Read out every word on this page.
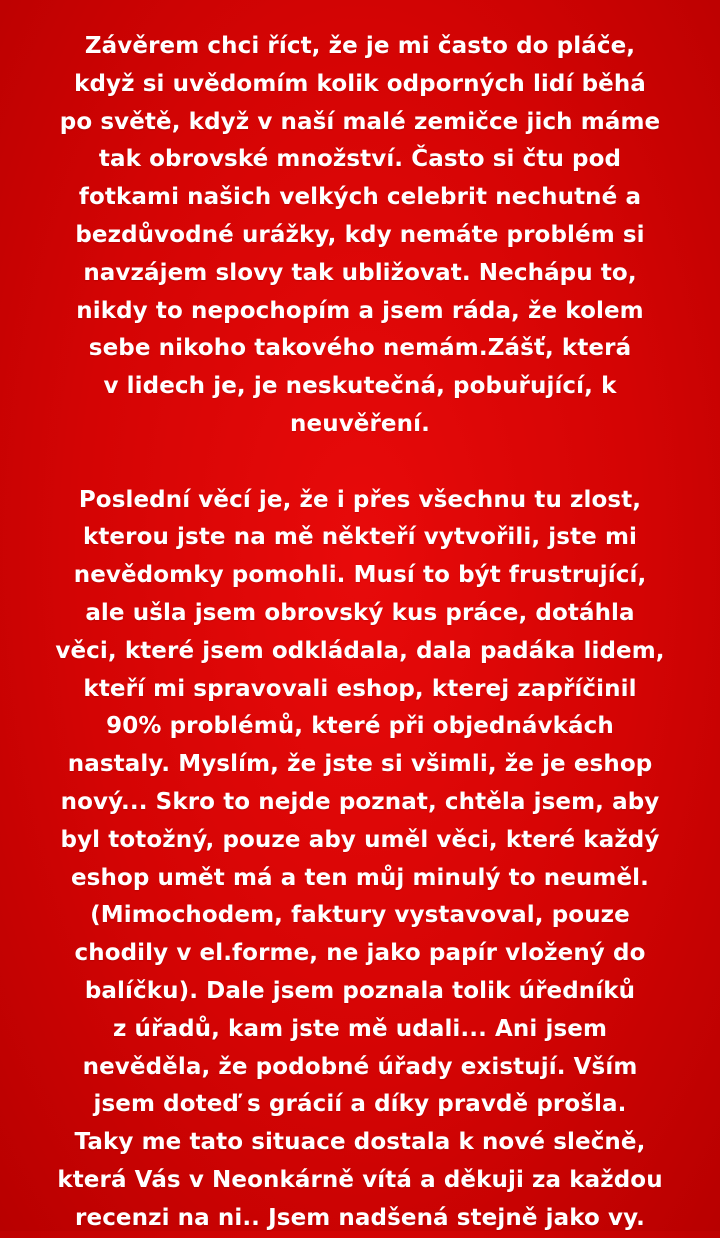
Závěrem chci říct, že je mi často do pláče,
když si uvědomím kolik odporných lidí běhá
po světě, když v naší malé zemičce jich máme
tak obrovské množství. Často si čtu pod
fotkami našich velkých celebrit nechutné a
bezdůvodné urážky, kdy nemáte problém si
navzájem slovy tak ubližovat. Nechápu to,
nikdy to nepochopím a jsem ráda, že kolem
sebe nikoho takového nemám.Zášť, která
v lidech je, je neskutečná, pobuřující, k
neuvěření.
Poslední věcí je, že i přes všechnu tu zlost,
kterou jste na mě někteří vytvořili, jste mi
nevědomky pomohli. Musí to být frustrující,
ale ušla jsem obrovský kus práce, dotáhla
věci, které jsem odkládala, dala padáka lidem,
kteří mi spravovali eshop, kterej zapříčinil
90% problémů, které při objednávkách
nastaly. Myslím, že jste si všimli, že je eshop
nový... Skro to nejde poznat, chtěla jsem, aby
byl totožný, pouze aby uměl věci, které každý
eshop umět má a ten můj minulý to neuměl.
(Mimochodem, faktury vystavoval, pouze
chodily v el.forme, ne jako papír vložený do
balíčku). Dale jsem poznala tolik úředníků
z úřadů, kam jste mě udali... Ani jsem
nevěděla, že podobné úřady existují. Vším
jsem doteď s grácií a díky pravdě prošla.
Taky me tato situace dostala k nové slečně,
která Vás v Neonkárně vítá a děkuji za každou
recenzi na ni.. Jsem nadšená stejně jako vy.
